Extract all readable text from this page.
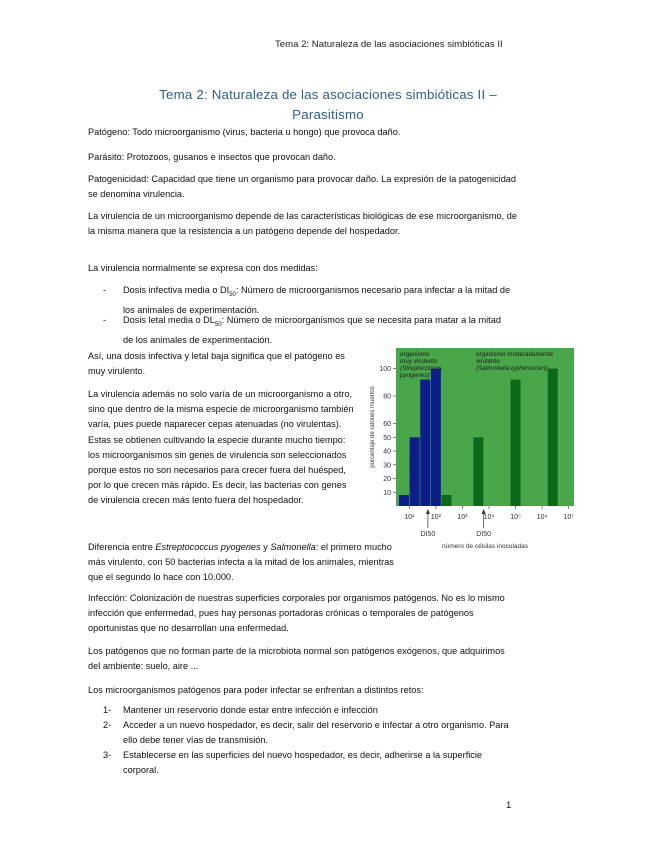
Tema 2: Naturaleza de las asociaciones simbióticas II
Tema 2: Naturaleza de las asociaciones simbióticas II –
Parasitismo
Patógeno: Todo microorganismo (virus, bacteria u hongo) que provoca daño.
Parásito: Protozoos, gusanos e insectos que provocan daño.
Patogenicidad: Capacidad que tiene un organismo para provocar daño. La expresión de la patogenicidad se denomina virulencia.
La virulencia de un microorganismo depende de las características biológicas de ese microorganismo, de la misma manera que la resistencia a un patógeno depende del hospedador.
La virulencia normalmente se expresa con dos medidas:
- Dosis infectiva media o $DI_{50}$: Número de microorganismos necesario para infectar a la mitad de los animales de experimentación.
- Dosis letal media o $DL_{50}$: Número de microorganismos que se necesita para matar a la mitad de los animales de experimentación.
Así, una dosis infectiva y letal baja significa que el patógeno es muy virulento.
La virulencia además no solo varía de un microorganismo a otro, sino que dentro de la misma especie de microorganismo también varía, pues puede naparecer cepas atenuadas (no virulentas). Estas se obtienen cultivando la especie durante mucho tiempo: los microorganismos sin genes de virulencia son seleccionados porque estos no son necesarios para crecer fuera del huésped, por lo que crecen más rápido. Es decir, las bacterias con genes de virulencia crecen más lento fuera del hospedador.
Diferencia entre Estreptococcus pyogenes y Salmonella: el primero mucho más virulento, con 50 bacterias infecta a la mitad de los animales, mientras que el segundo lo hace con 10.000.
Infección: Colonización de nuestras superficies corporales por organismos patógenos. No es lo mismo infección que enfermedad, pues hay personas portadoras crónicas o temporales de patógenos oportunistas que no desarrollan una enfermedad.
Los patógenos que no forman parte de la microbiota normal son patógenos exógenos, que adquirimos del ambiente: suelo, aire ...
Los microorganismos patógenos para poder infectar se enfrentan a distintos retos:
1- Mantener un reservorio donde estar entre infección e infección
2- Acceder a un nuevo hospedador, es decir, salir del reservorio e infectar a otro organismo. Para ello debe tener vías de transmisión.
3- Establecerse en las superficies del nuevo hospedador, es decir, adherirse a la superficie corporal.
1
10
20
30
40
50
60
80
100
porcentaje de ratones muertos
10¹ 10² 10³ 10⁴ 10⁵ 10⁶ 10⁷
DI50	DI50
número de células inoculadas
organismo
muy virulento
(Streptococcus
pyogenes)
organismo moderadamente
virulento
(Salmonella typhimurium)
